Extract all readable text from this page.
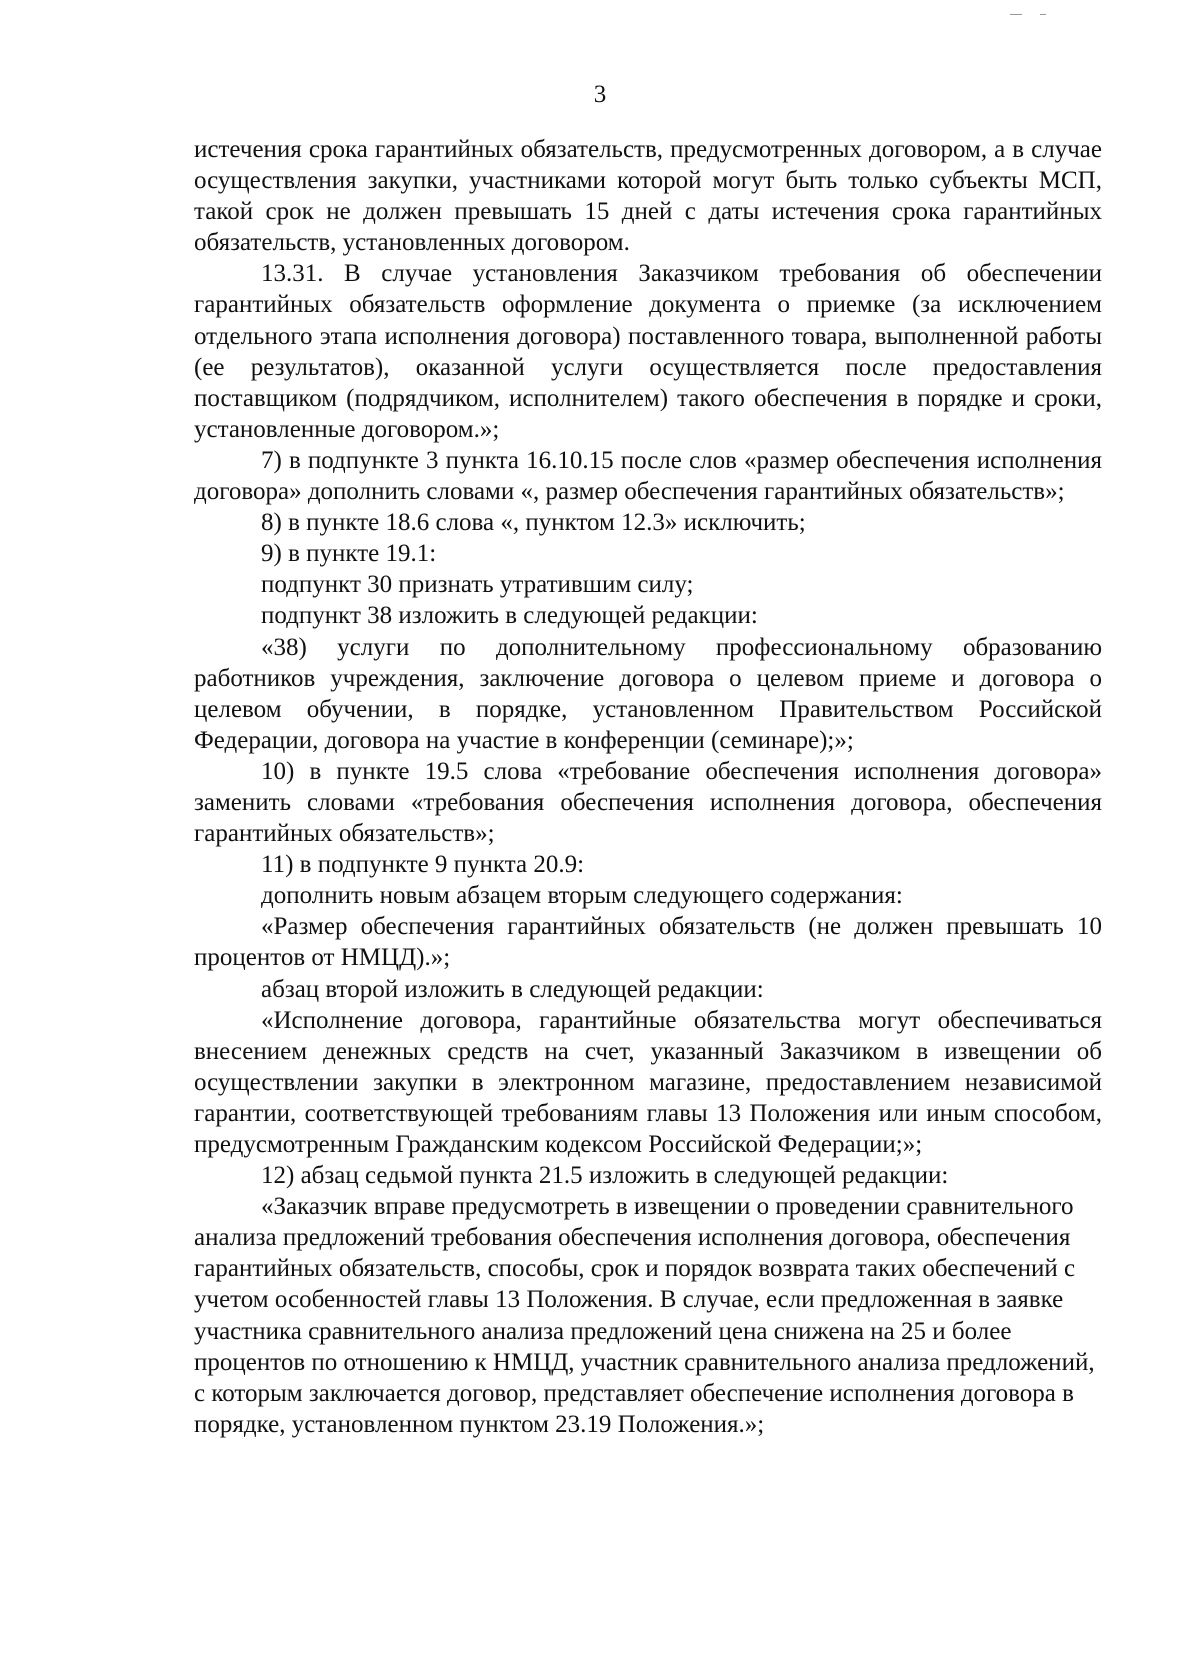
3

истечения срока гарантийных обязательств, предусмотренных договором, а в случае осуществления закупки, участниками которой могут быть только субъекты МСП, такой срок не должен превышать 15 дней с даты истечения срока гарантийных обязательств, установленных договором.

13.31. В случае установления Заказчиком требования об обеспечении гарантийных обязательств оформление документа о приемке (за исключением отдельного этапа исполнения договора) поставленного товара, выполненной работы (ее результатов), оказанной услуги осуществляется после предоставления поставщиком (подрядчиком, исполнителем) такого обеспечения в порядке и сроки, установленные договором.»;

7) в подпункте 3 пункта 16.10.15 после слов «размер обеспечения исполнения договора» дополнить словами «, размер обеспечения гарантийных обязательств»;

8) в пункте 18.6 слова «, пунктом 12.3» исключить;

9) в пункте 19.1:

подпункт 30 признать утратившим силу;

подпункт 38 изложить в следующей редакции:

«38) услуги по дополнительному профессиональному образованию работников учреждения, заключение договора о целевом приеме и договора о целевом обучении, в порядке, установленном Правительством Российской Федерации, договора на участие в конференции (семинаре);»;

10) в пункте 19.5 слова «требование обеспечения исполнения договора» заменить словами «требования обеспечения исполнения договора, обеспечения гарантийных обязательств»;

11) в подпункте 9 пункта 20.9:

дополнить новым абзацем вторым следующего содержания:

«Размер обеспечения гарантийных обязательств (не должен превышать 10 процентов от НМЦД).»;

абзац второй изложить в следующей редакции:

«Исполнение договора, гарантийные обязательства могут обеспечиваться внесением денежных средств на счет, указанный Заказчиком в извещении об осуществлении закупки в электронном магазине, предоставлением независимой гарантии, соответствующей требованиям главы 13 Положения или иным способом, предусмотренным Гражданским кодексом Российской Федерации;»;

12) абзац седьмой пункта 21.5 изложить в следующей редакции:

«Заказчик вправе предусмотреть в извещении о проведении сравнительного анализа предложений требования обеспечения исполнения договора, обеспечения гарантийных обязательств, способы, срок и порядок возврата таких обеспечений с учетом особенностей главы 13 Положения. В случае, если предложенная в заявке участника сравнительного анализа предложений цена снижена на 25 и более процентов по отношению к НМЦД, участник сравнительного анализа предложений, с которым заключается договор, представляет обеспечение исполнения договора в порядке, установленном пунктом 23.19 Положения.»;
